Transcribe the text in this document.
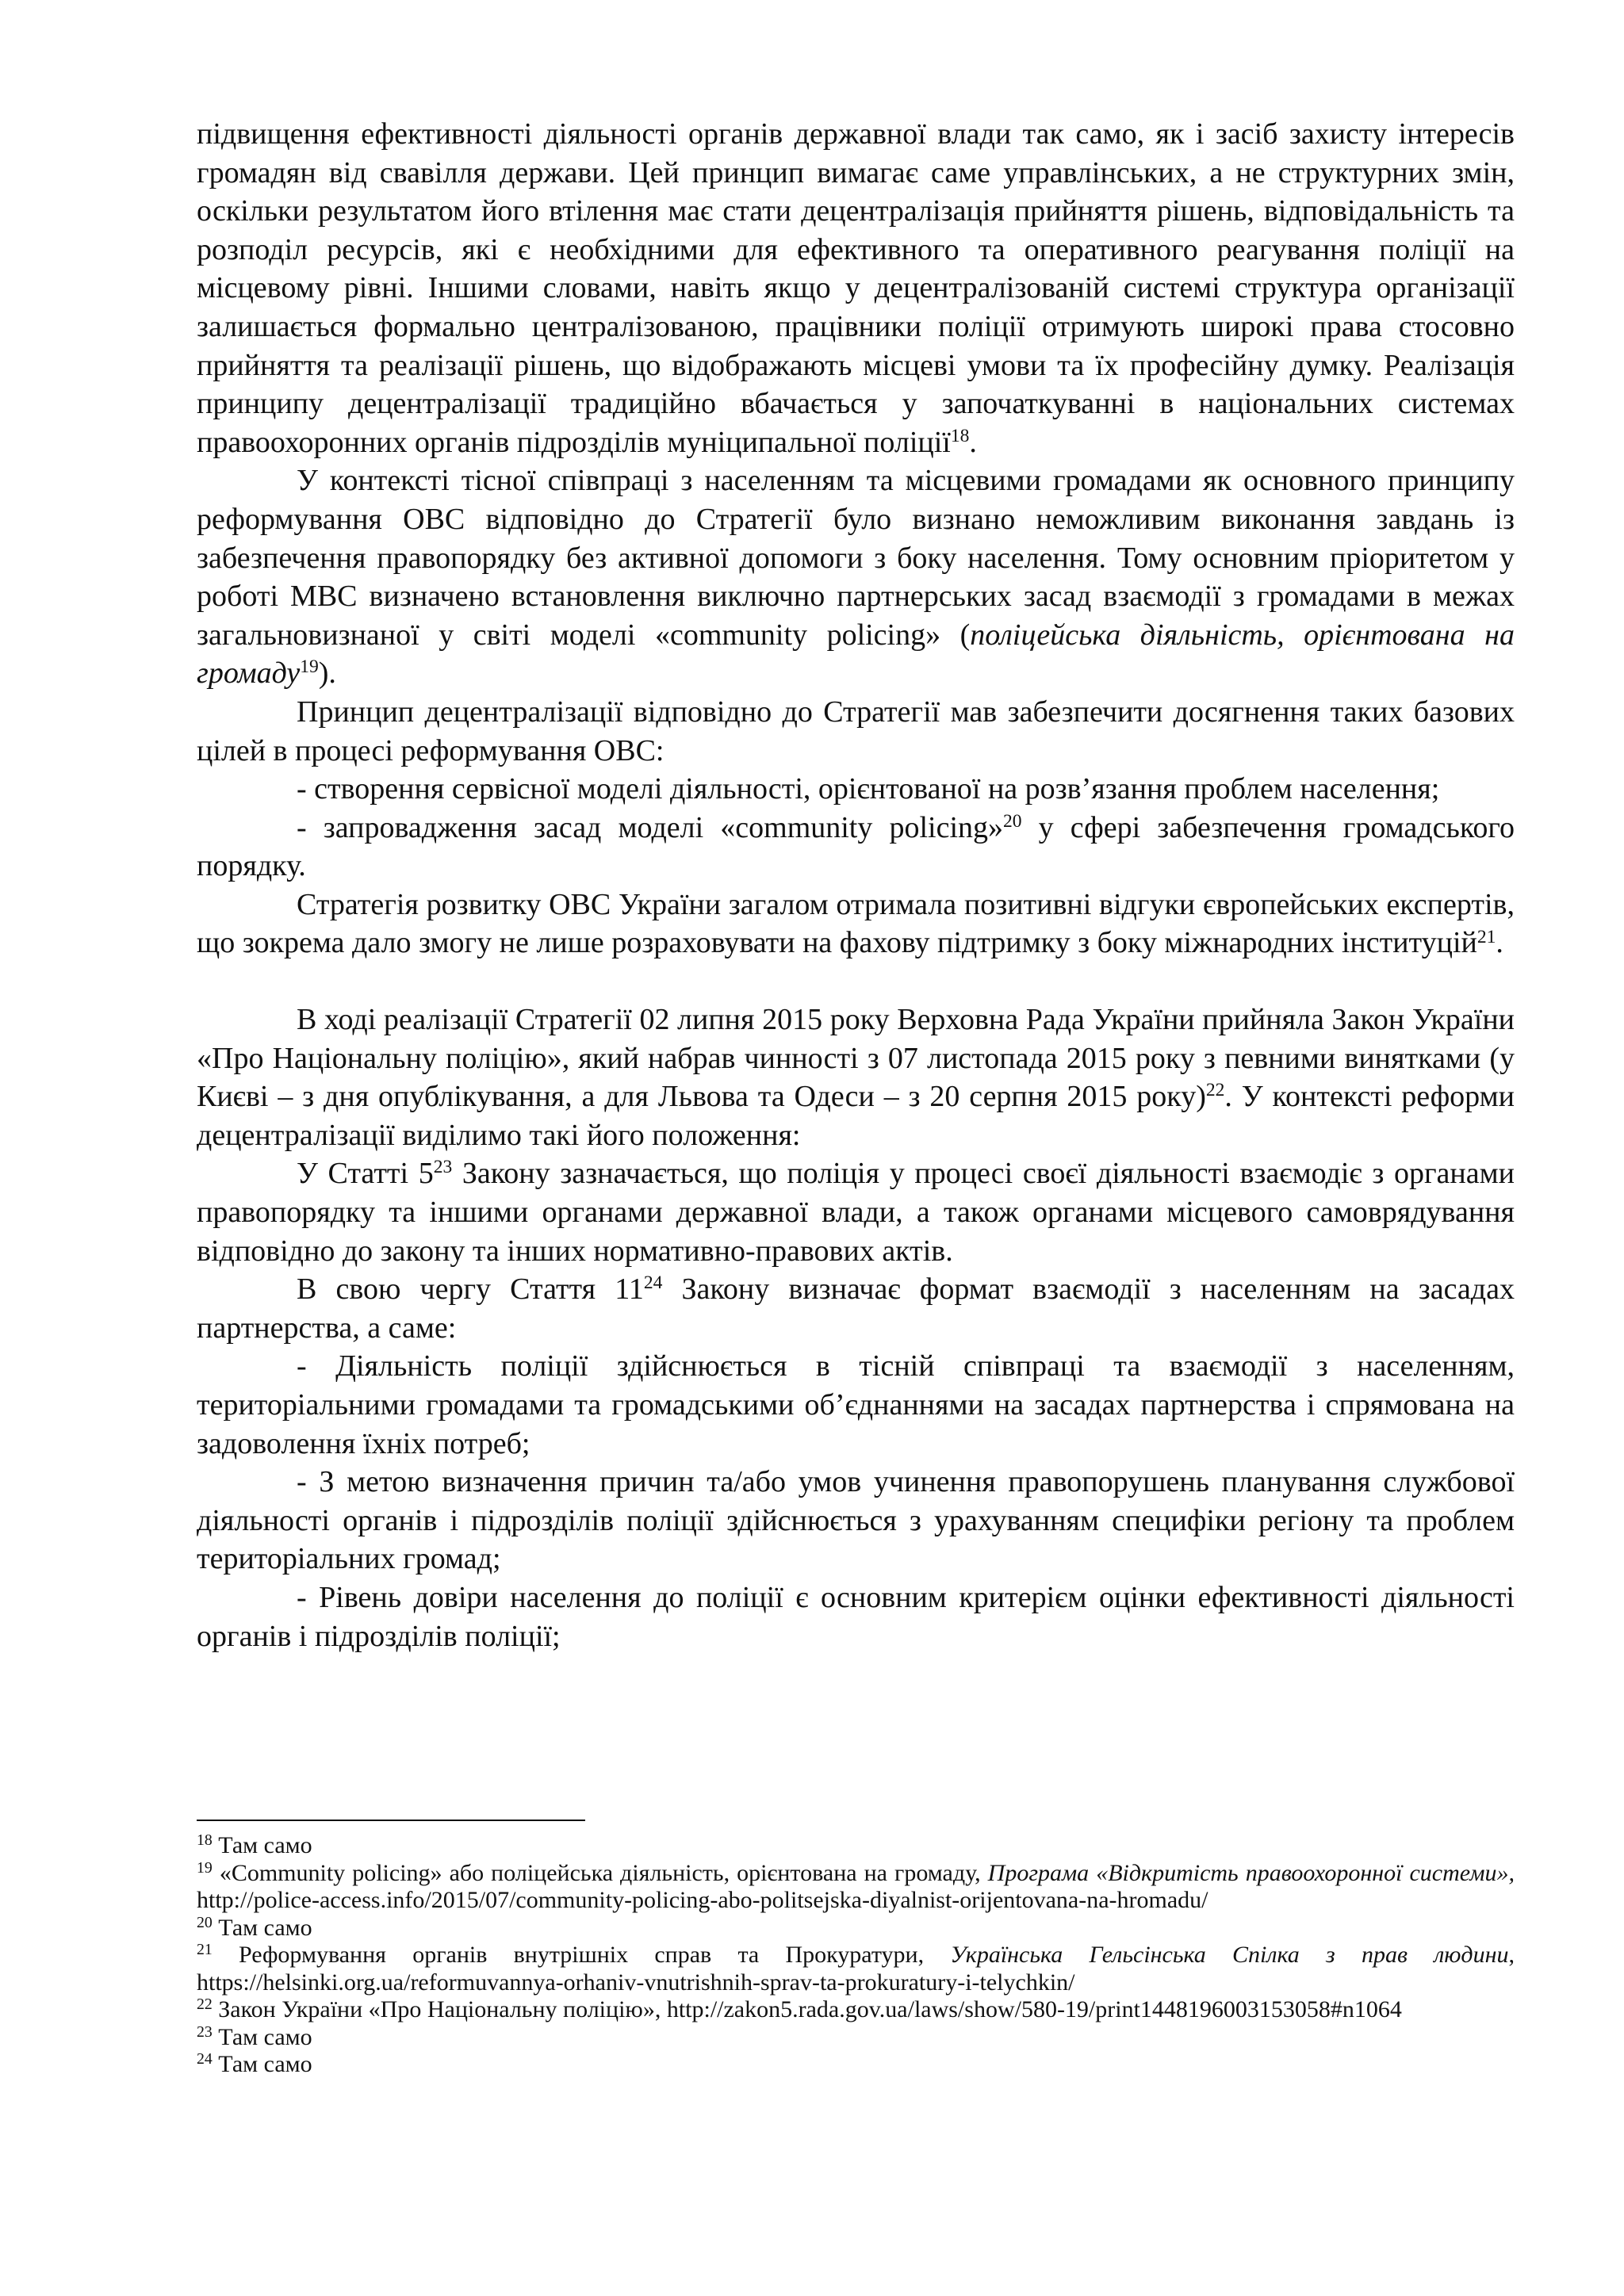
підвищення ефективності діяльності органів державної влади так само, як і засіб захисту інтересів громадян від свавілля держави. Цей принцип вимагає саме управлінських, а не структурних змін, оскільки результатом його втілення має стати децентралізація прийняття рішень, відповідальність та розподіл ресурсів, які є необхідними для ефективного та оперативного реагування поліції на місцевому рівні. Іншими словами, навіть якщо у децентралізованій системі структура організації залишається формально централізованою, працівники поліції отримують широкі права стосовно прийняття та реалізації рішень, що відображають місцеві умови та їх професійну думку. Реалізація принципу децентралізації традиційно вбачається у започаткуванні в національних системах правоохоронних органів підрозділів муніципальної поліції$^{18}$.

У контексті тісної співпраці з населенням та місцевими громадами як основного принципу реформування ОВС відповідно до Стратегії було визнано неможливим виконання завдань із забезпечення правопорядку без активної допомоги з боку населення. Тому основним пріоритетом у роботі МВС визначено встановлення виключно партнерських засад взаємодії з громадами в межах загальновизнаної у світі моделі «community policing» (поліцейська діяльність, орієнтована на громаду$^{19}$).

Принцип децентралізації відповідно до Стратегії мав забезпечити досягнення таких базових цілей в процесі реформування ОВС:

- створення сервісної моделі діяльності, орієнтованої на розв’язання проблем населення;

- запровадження засад моделі «community policing»$^{20}$ у сфері забезпечення громадського порядку.

Стратегія розвитку ОВС України загалом отримала позитивні відгуки європейських експертів, що зокрема дало змогу не лише розраховувати на фахову підтримку з боку міжнародних інституцій$^{21}$.

В ході реалізації Стратегії 02 липня 2015 року Верховна Рада України прийняла Закон України «Про Національну поліцію», який набрав чинності з 07 листопада 2015 року з певними винятками (у Києві – з дня опублікування, а для Львова та Одеси – з 20 серпня 2015 року)$^{22}$. У контексті реформи децентралізації виділимо такі його положення:

У Статті $5^{23}$ Закону зазначається, що поліція у процесі своєї діяльності взаємодіє з органами правопорядку та іншими органами державної влади, а також органами місцевого самоврядування відповідно до закону та інших нормативно-правових актів.

В свою чергу Стаття $11^{24}$ Закону визначає формат взаємодії з населенням на засадах партнерства, а саме:

- Діяльність поліції здійснюється в тісній співпраці та взаємодії з населенням, територіальними громадами та громадськими об’єднаннями на засадах партнерства і спрямована на задоволення їхніх потреб;

- З метою визначення причин та/або умов учинення правопорушень планування службової діяльності органів і підрозділів поліції здійснюється з урахуванням специфіки регіону та проблем територіальних громад;

- Рівень довіри населення до поліції є основним критерієм оцінки ефективності діяльності органів і підрозділів поліції;

$^{18}$ Там само

$^{19}$ «Community policing» або поліцейська діяльність, орієнтована на громаду, Програма «Відкритість правоохоронної системи», http://police-access.info/2015/07/community-policing-abo-politsejska-diyalnist-orijentovana-na-hromadu/

$^{20}$ Там само

$^{21}$ Реформування органів внутрішніх справ та Прокуратури, Українська Гельсінська Спілка з прав людини, https://helsinki.org.ua/reformuvannya-orhaniv-vnutrishnih-sprav-ta-prokuratury-i-telychkin/

$^{22}$ Закон України «Про Національну поліцію», http://zakon5.rada.gov.ua/laws/show/580-19/print1448196003153058#n1064

$^{23}$ Там само

$^{24}$ Там само
